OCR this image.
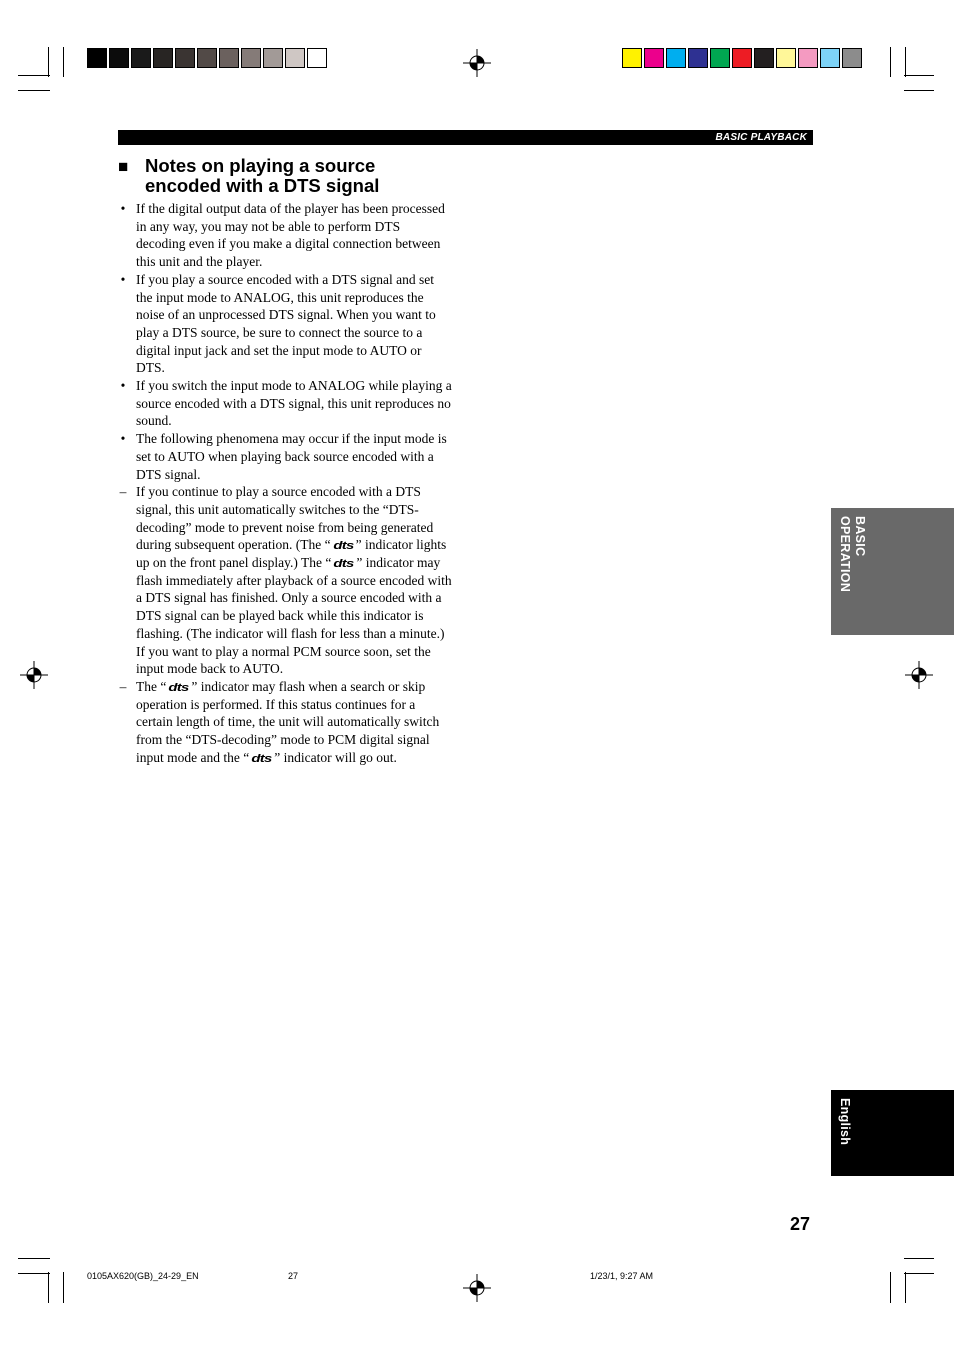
BASIC PLAYBACK
■ Notes on playing a source
encoded with a DTS signal
• If the digital output data of the player has been processed in any way, you may not be able to perform DTS decoding even if you make a digital connection between this unit and the player.
• If you play a source encoded with a DTS signal and set the input mode to ANALOG, this unit reproduces the noise of an unprocessed DTS signal. When you want to play a DTS source, be sure to connect the source to a digital input jack and set the input mode to AUTO or DTS.
• If you switch the input mode to ANALOG while playing a source encoded with a DTS signal, this unit reproduces no sound.
• The following phenomena may occur if the input mode is set to AUTO when playing back source encoded with a DTS signal.
– If you continue to play a source encoded with a DTS signal, this unit automatically switches to the “DTS-decoding” mode to prevent noise from being generated during subsequent operation. (The “ dts ” indicator lights up on the front panel display.) The “ dts ” indicator may flash immediately after playback of a source encoded with a DTS signal has finished. Only a source encoded with a DTS signal can be played back while this indicator is flashing. (The indicator will flash for less than a minute.) If you want to play a normal PCM source soon, set the input mode back to AUTO.
– The “ dts ” indicator may flash when a search or skip operation is performed. If this status continues for a certain length of time, the unit will automatically switch from the “DTS-decoding” mode to PCM digital signal input mode and the “ dts ” indicator will go out.
BASIC
OPERATION
English
27
0105AX620(GB)_24-29_EN	27	1/23/1, 9:27 AM
